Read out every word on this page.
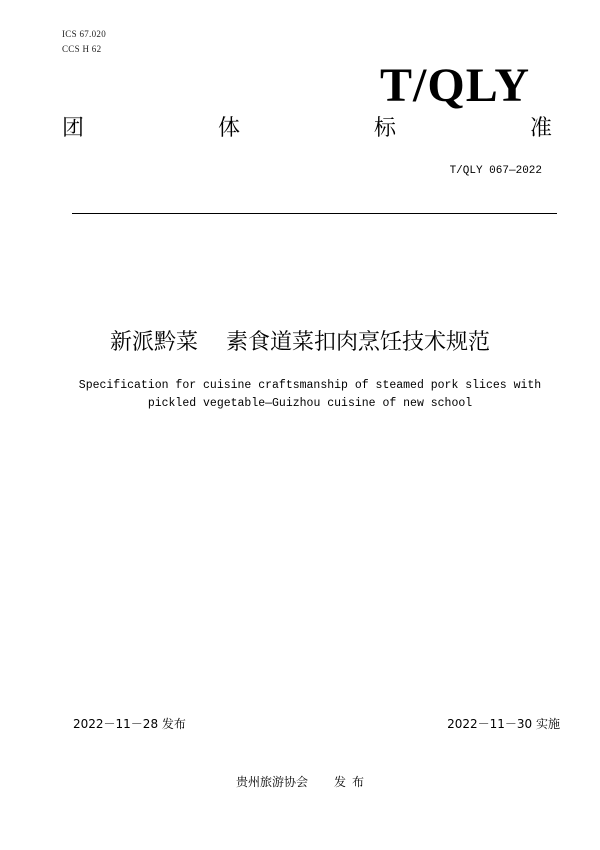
ICS 67.020
CCS H 62
T/QLY
团	体	标	准
T/QLY 067—2022
新派黔菜 素食道菜扣肉烹饪技术规范
Specification for cuisine craftsmanship of steamed pork slices with
pickled vegetable—Guizhou cuisine of new school
2022－11－28 发布	2022－11－30 实施
贵州旅游协会 发 布
